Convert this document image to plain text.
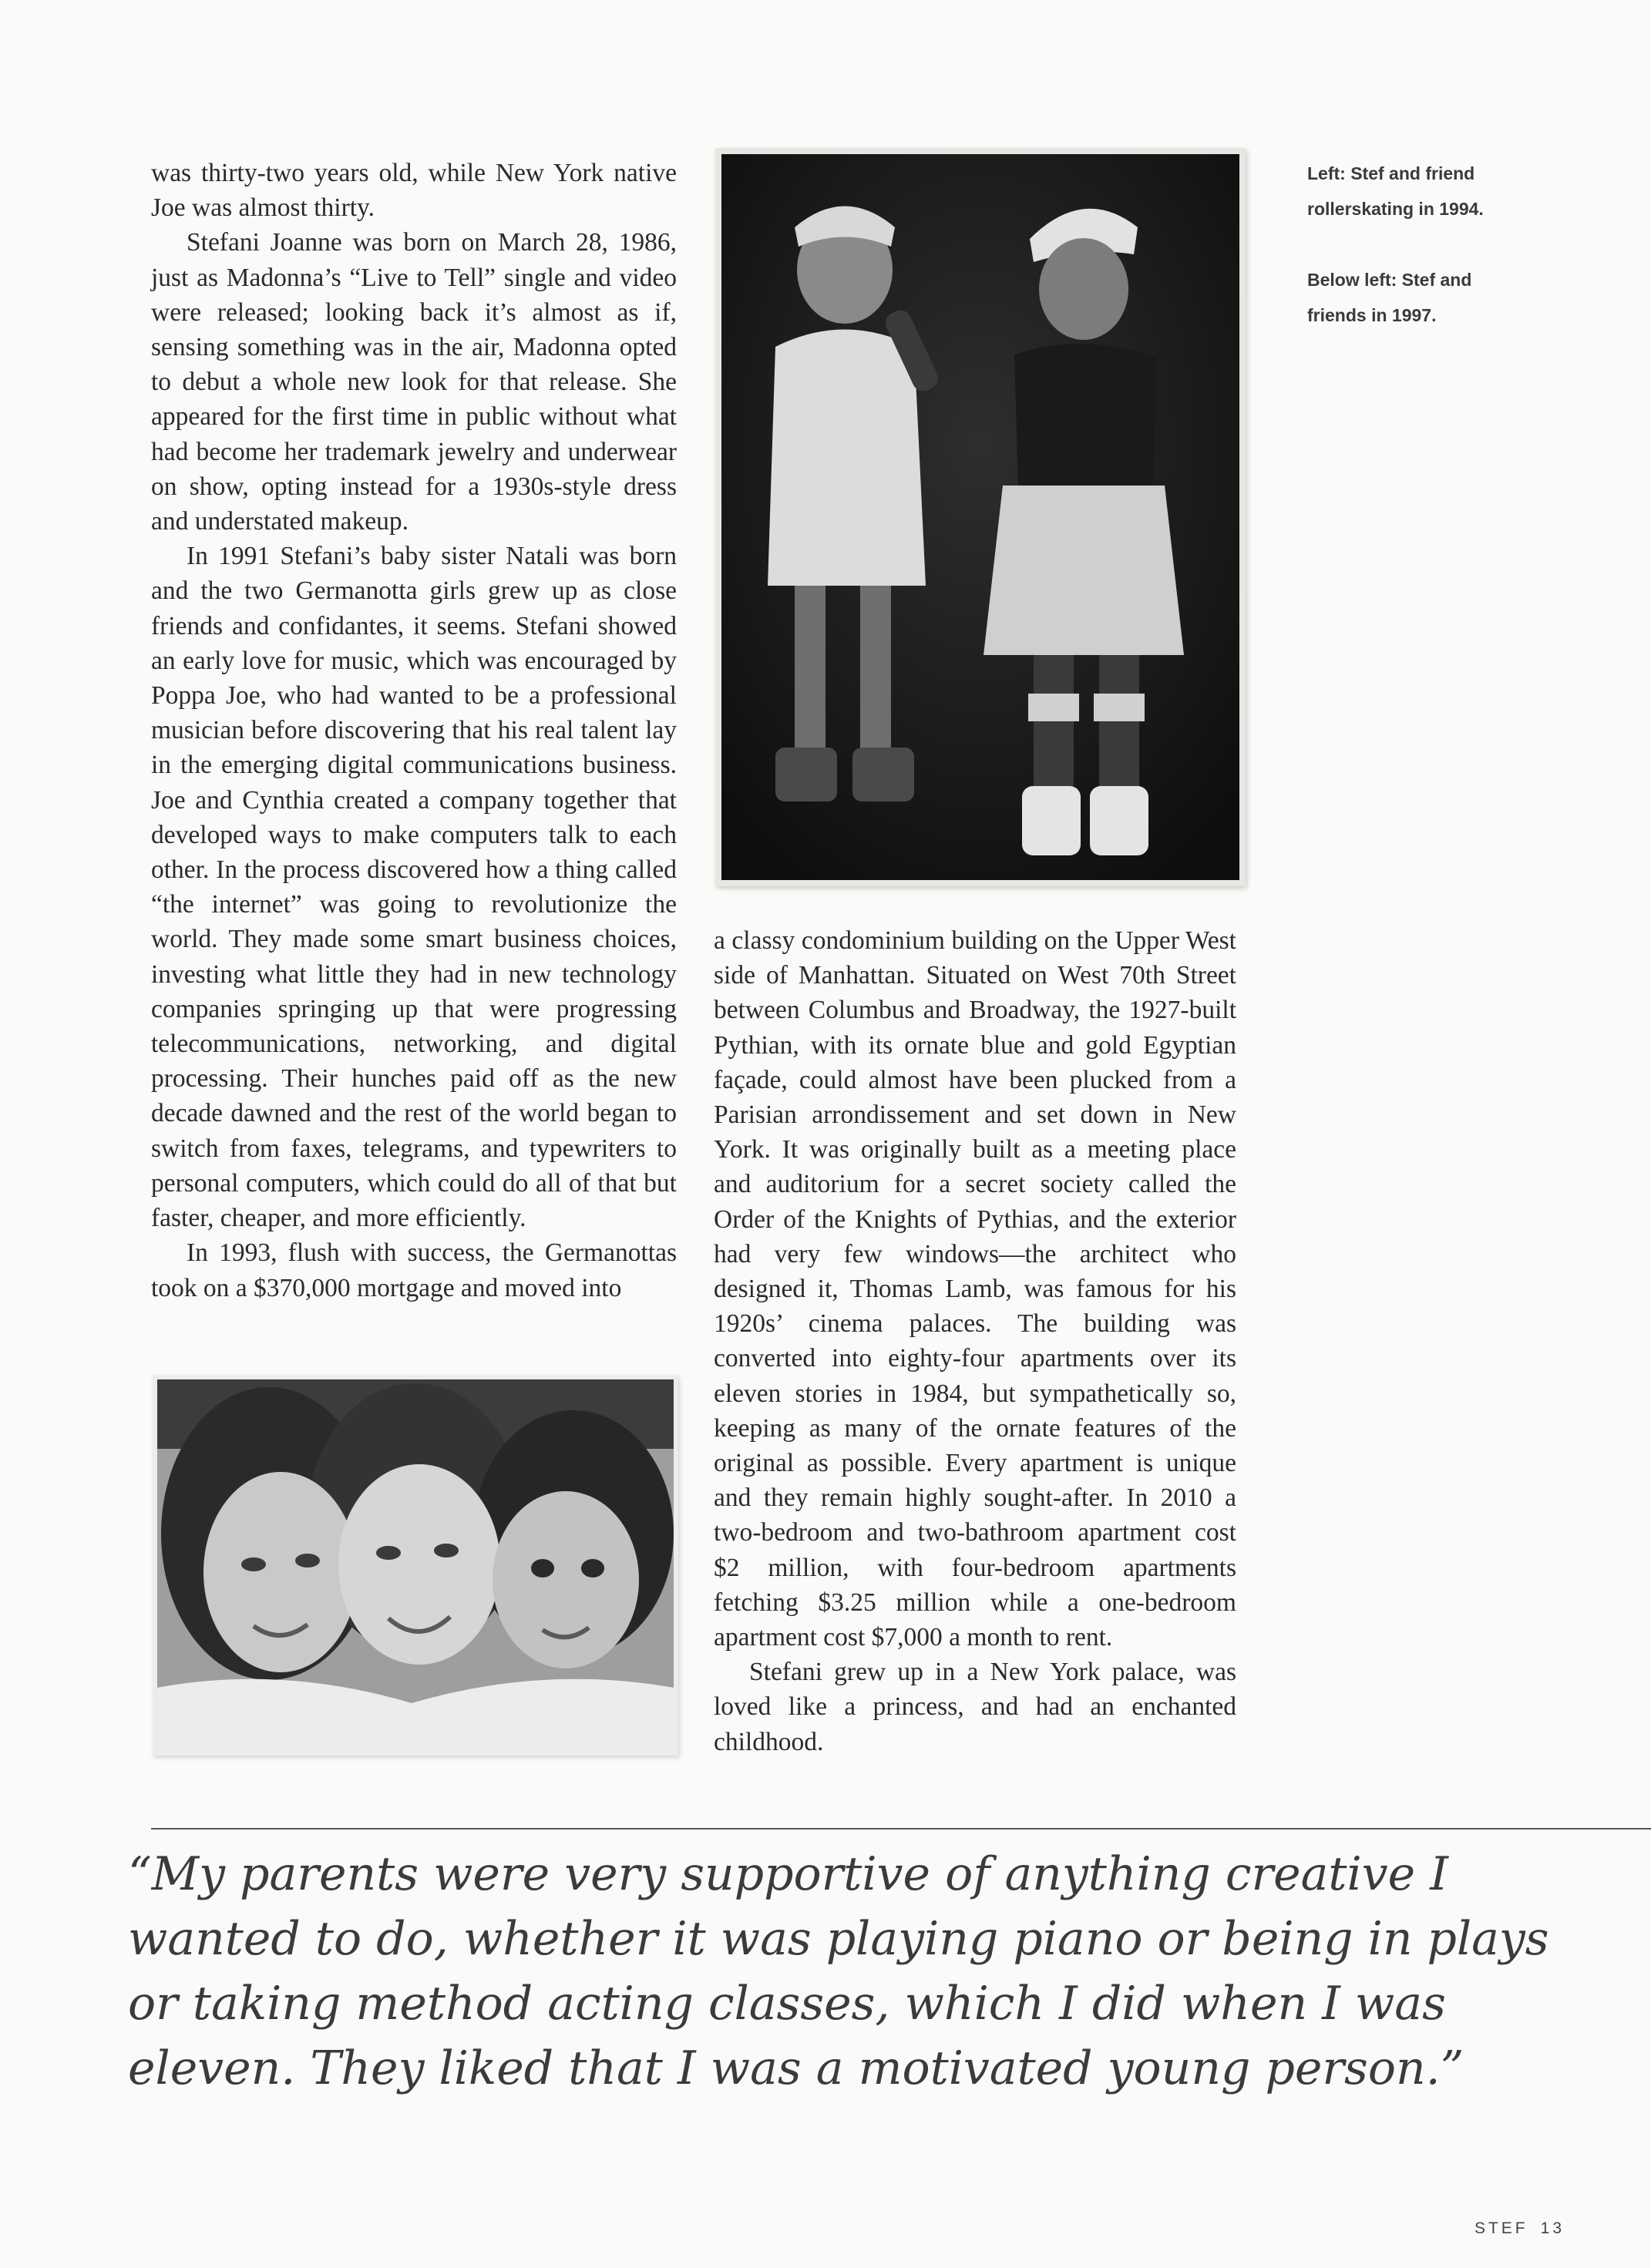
was thirty-two years old, while New York native Joe was almost thirty.

Stefani Joanne was born on March 28, 1986, just as Madonna’s “Live to Tell” single and video were released; looking back it’s almost as if, sensing something was in the air, Madonna opted to debut a whole new look for that release. She appeared for the first time in public without what had become her trademark jewelry and underwear on show, opting instead for a 1930s-style dress and understated makeup.

In 1991 Stefani’s baby sister Natali was born and the two Germanotta girls grew up as close friends and confidantes, it seems. Stefani showed an early love for music, which was encouraged by Poppa Joe, who had wanted to be a professional musician before discovering that his real talent lay in the emerging digital communications business. Joe and Cynthia created a company together that developed ways to make computers talk to each other. In the process discovered how a thing called “the internet” was going to revolutionize the world. They made some smart business choices, investing what little they had in new technology companies springing up that were progressing telecommunications, networking, and digital processing. Their hunches paid off as the new decade dawned and the rest of the world began to switch from faxes, telegrams, and typewriters to personal computers, which could do all of that but faster, cheaper, and more efficiently.

In 1993, flush with success, the Germanottas took on a $370,000 mortgage and moved into

Left: Stef and friend rollerskating in 1994.
Below left: Stef and friends in 1997.

a classy condominium building on the Upper West side of Manhattan. Situated on West 70th Street between Columbus and Broadway, the 1927-built Pythian, with its ornate blue and gold Egyptian façade, could almost have been plucked from a Parisian arrondissement and set down in New York. It was originally built as a meeting place and auditorium for a secret society called the Order of the Knights of Pythias, and the exterior had very few windows—the architect who designed it, Thomas Lamb, was famous for his 1920s’ cinema palaces. The building was converted into eighty-four apartments over its eleven stories in 1984, but sympathetically so, keeping as many of the ornate features of the original as possible. Every apartment is unique and they remain highly sought-after. In 2010 a two-bedroom and two-bathroom apartment cost $2 million, with four-bedroom apartments fetching $3.25 million while a one-bedroom apartment cost $7,000 a month to rent.

Stefani grew up in a New York palace, was loved like a princess, and had an enchanted childhood.

“My parents were very supportive of anything creative I wanted to do, whether it was playing piano or being in plays or taking method acting classes, which I did when I was eleven. They liked that I was a motivated young person.”

STEF 13
